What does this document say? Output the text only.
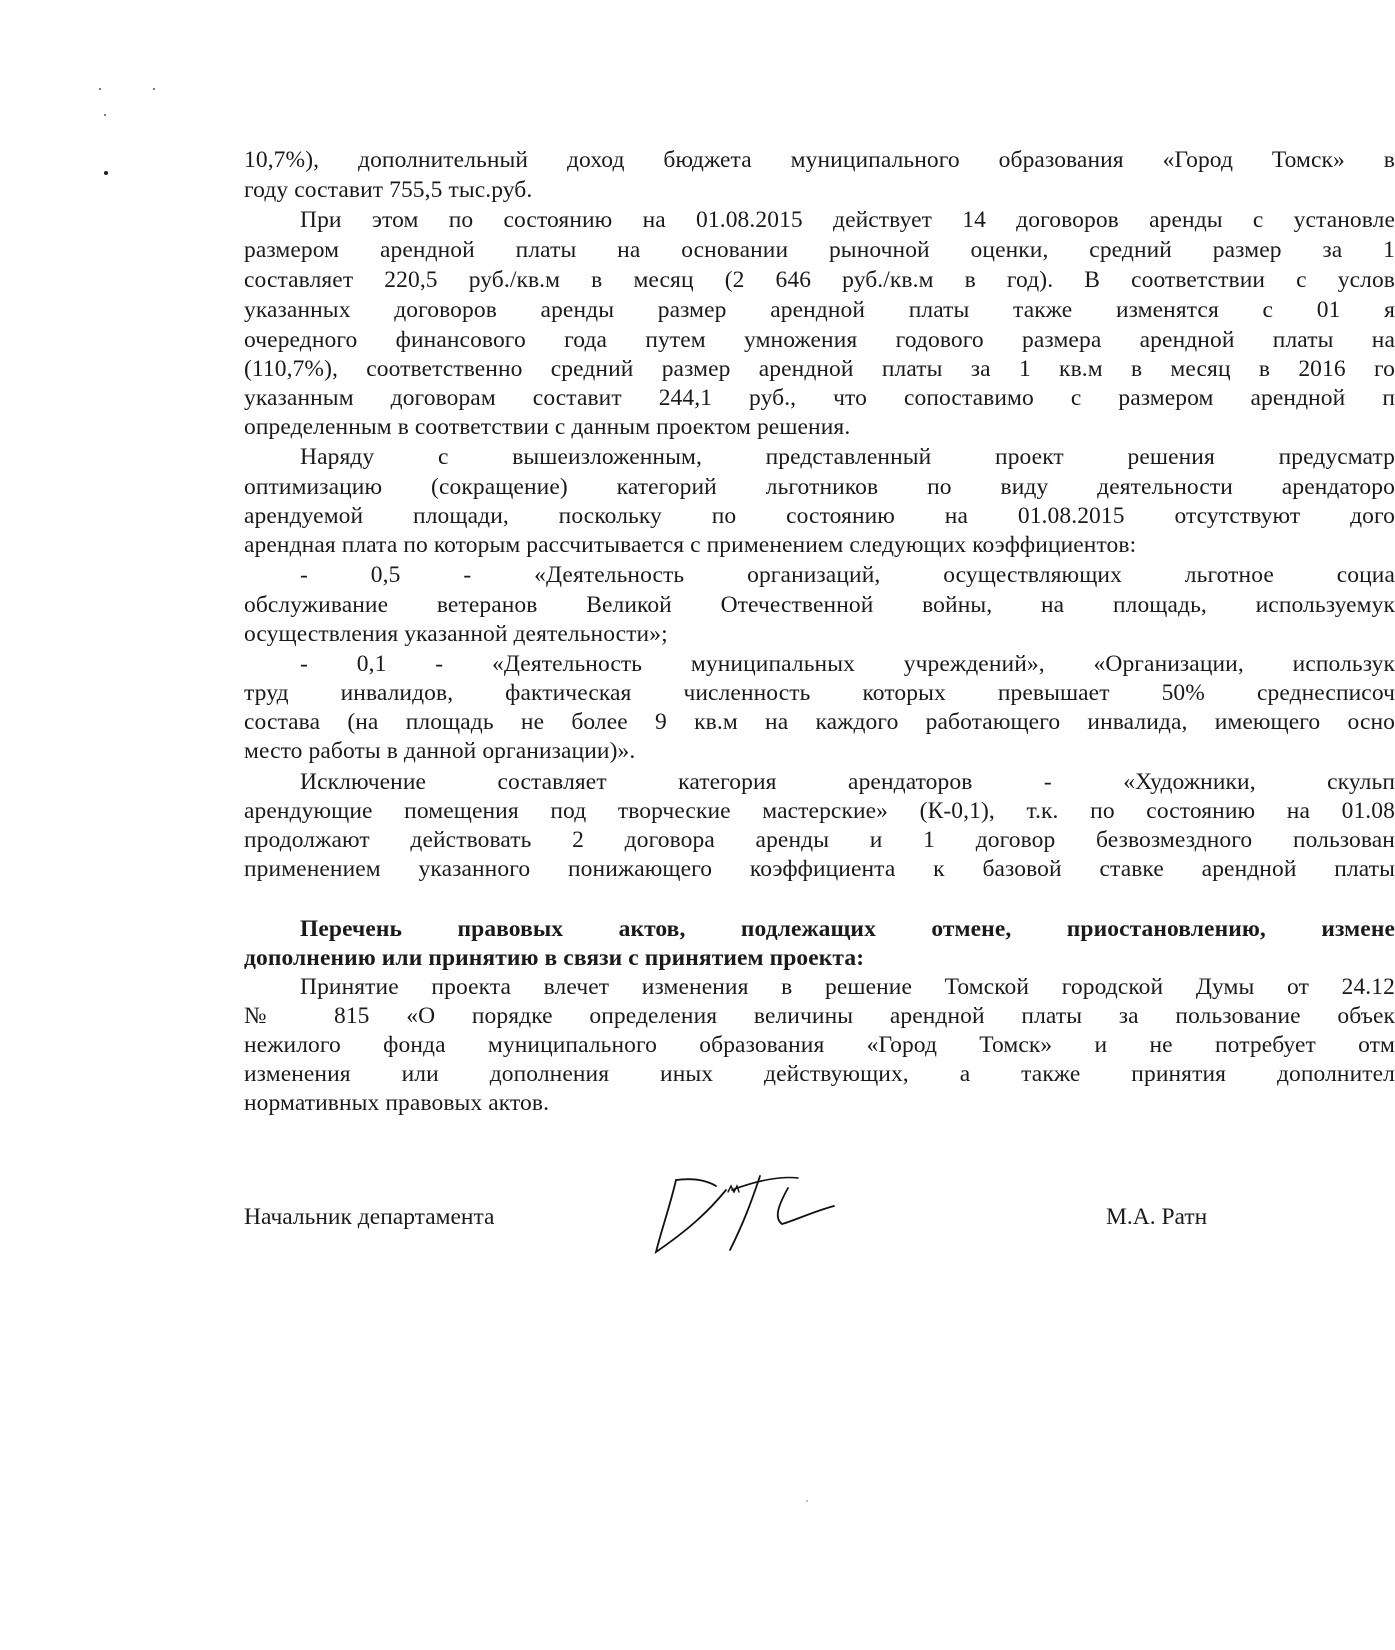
10,7%), дополнительный доход бюджета муниципального образования «Город Томск» в
году составит 755,5 тыс.руб.
При этом по состоянию на 01.08.2015 действует 14 договоров аренды с установле
размером арендной платы на основании рыночной оценки, средний размер за 1
составляет 220,5 руб./кв.м в месяц (2 646 руб./кв.м в год). В соответствии с услов
указанных договоров аренды размер арендной платы также изменятся с 01 я
очередного финансового года путем умножения годового размера арендной платы на
(110,7%), соответственно средний размер арендной платы за 1 кв.м в месяц в 2016 го
указанным договорам составит 244,1 руб., что сопоставимо с размером арендной п
определенным в соответствии с данным проектом решения.
Наряду с вышеизложенным, представленный проект решения предусматр
оптимизацию (сокращение) категорий льготников по виду деятельности арендаторо
арендуемой площади, поскольку по состоянию на 01.08.2015 отсутствуют дого
арендная плата по которым рассчитывается с применением следующих коэффициентов:
- 0,5 - «Деятельность организаций, осуществляющих льготное социа
обслуживание ветеранов Великой Отечественной войны, на площадь, используемук
осуществления указанной деятельности»;
- 0,1 - «Деятельность муниципальных учреждений», «Организации, использук
труд инвалидов, фактическая численность которых превышает 50% среднесписоч
состава (на площадь не более 9 кв.м на каждого работающего инвалида, имеющего осно
место работы в данной организации)».
Исключение составляет категория арендаторов - «Художники, скульп
арендующие помещения под творческие мастерские» (К-0,1), т.к. по состоянию на 01.08
продолжают действовать 2 договора аренды и 1 договор безвозмездного пользован
применением указанного понижающего коэффициента к базовой ставке арендной платы
Перечень правовых актов, подлежащих отмене, приостановлению, измене
дополнению или принятию в связи с принятием проекта:
Принятие проекта влечет изменения в решение Томской городской Думы от 24.12
№ 815 «О порядке определения величины арендной платы за пользование объек
нежилого фонда муниципального образования «Город Томск» и не потребует отм
изменения или дополнения иных действующих, а также принятия дополнител
нормативных правовых актов.
Начальник департамента	М.А. Ратн
